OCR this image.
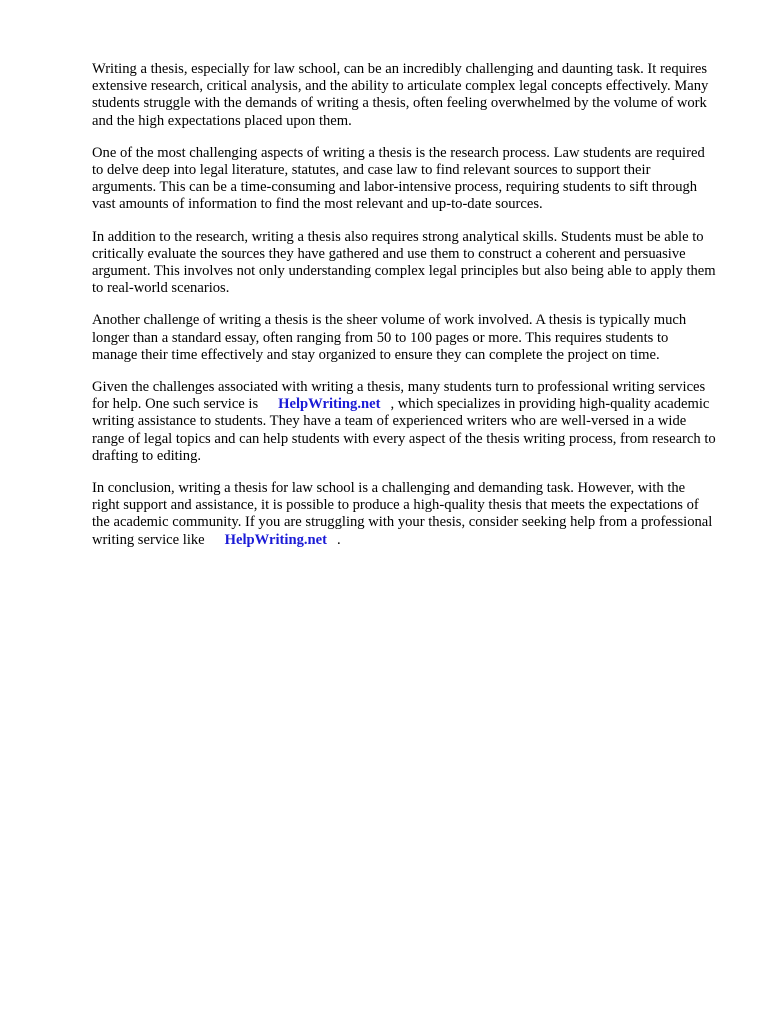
Writing a thesis, especially for law school, can be an incredibly challenging and daunting task. It requires extensive research, critical analysis, and the ability to articulate complex legal concepts effectively. Many students struggle with the demands of writing a thesis, often feeling overwhelmed by the volume of work and the high expectations placed upon them.

One of the most challenging aspects of writing a thesis is the research process. Law students are required to delve deep into legal literature, statutes, and case law to find relevant sources to support their arguments. This can be a time-consuming and labor-intensive process, requiring students to sift through vast amounts of information to find the most relevant and up-to-date sources.

In addition to the research, writing a thesis also requires strong analytical skills. Students must be able to critically evaluate the sources they have gathered and use them to construct a coherent and persuasive argument. This involves not only understanding complex legal principles but also being able to apply them to real-world scenarios.

Another challenge of writing a thesis is the sheer volume of work involved. A thesis is typically much longer than a standard essay, often ranging from 50 to 100 pages or more. This requires students to manage their time effectively and stay organized to ensure they can complete the project on time.

Given the challenges associated with writing a thesis, many students turn to professional writing services for help. One such service is HelpWriting.net , which specializes in providing high-quality academic writing assistance to students. They have a team of experienced writers who are well-versed in a wide range of legal topics and can help students with every aspect of the thesis writing process, from research to drafting to editing.

In conclusion, writing a thesis for law school is a challenging and demanding task. However, with the right support and assistance, it is possible to produce a high-quality thesis that meets the expectations of the academic community. If you are struggling with your thesis, consider seeking help from a professional writing service like HelpWriting.net .
